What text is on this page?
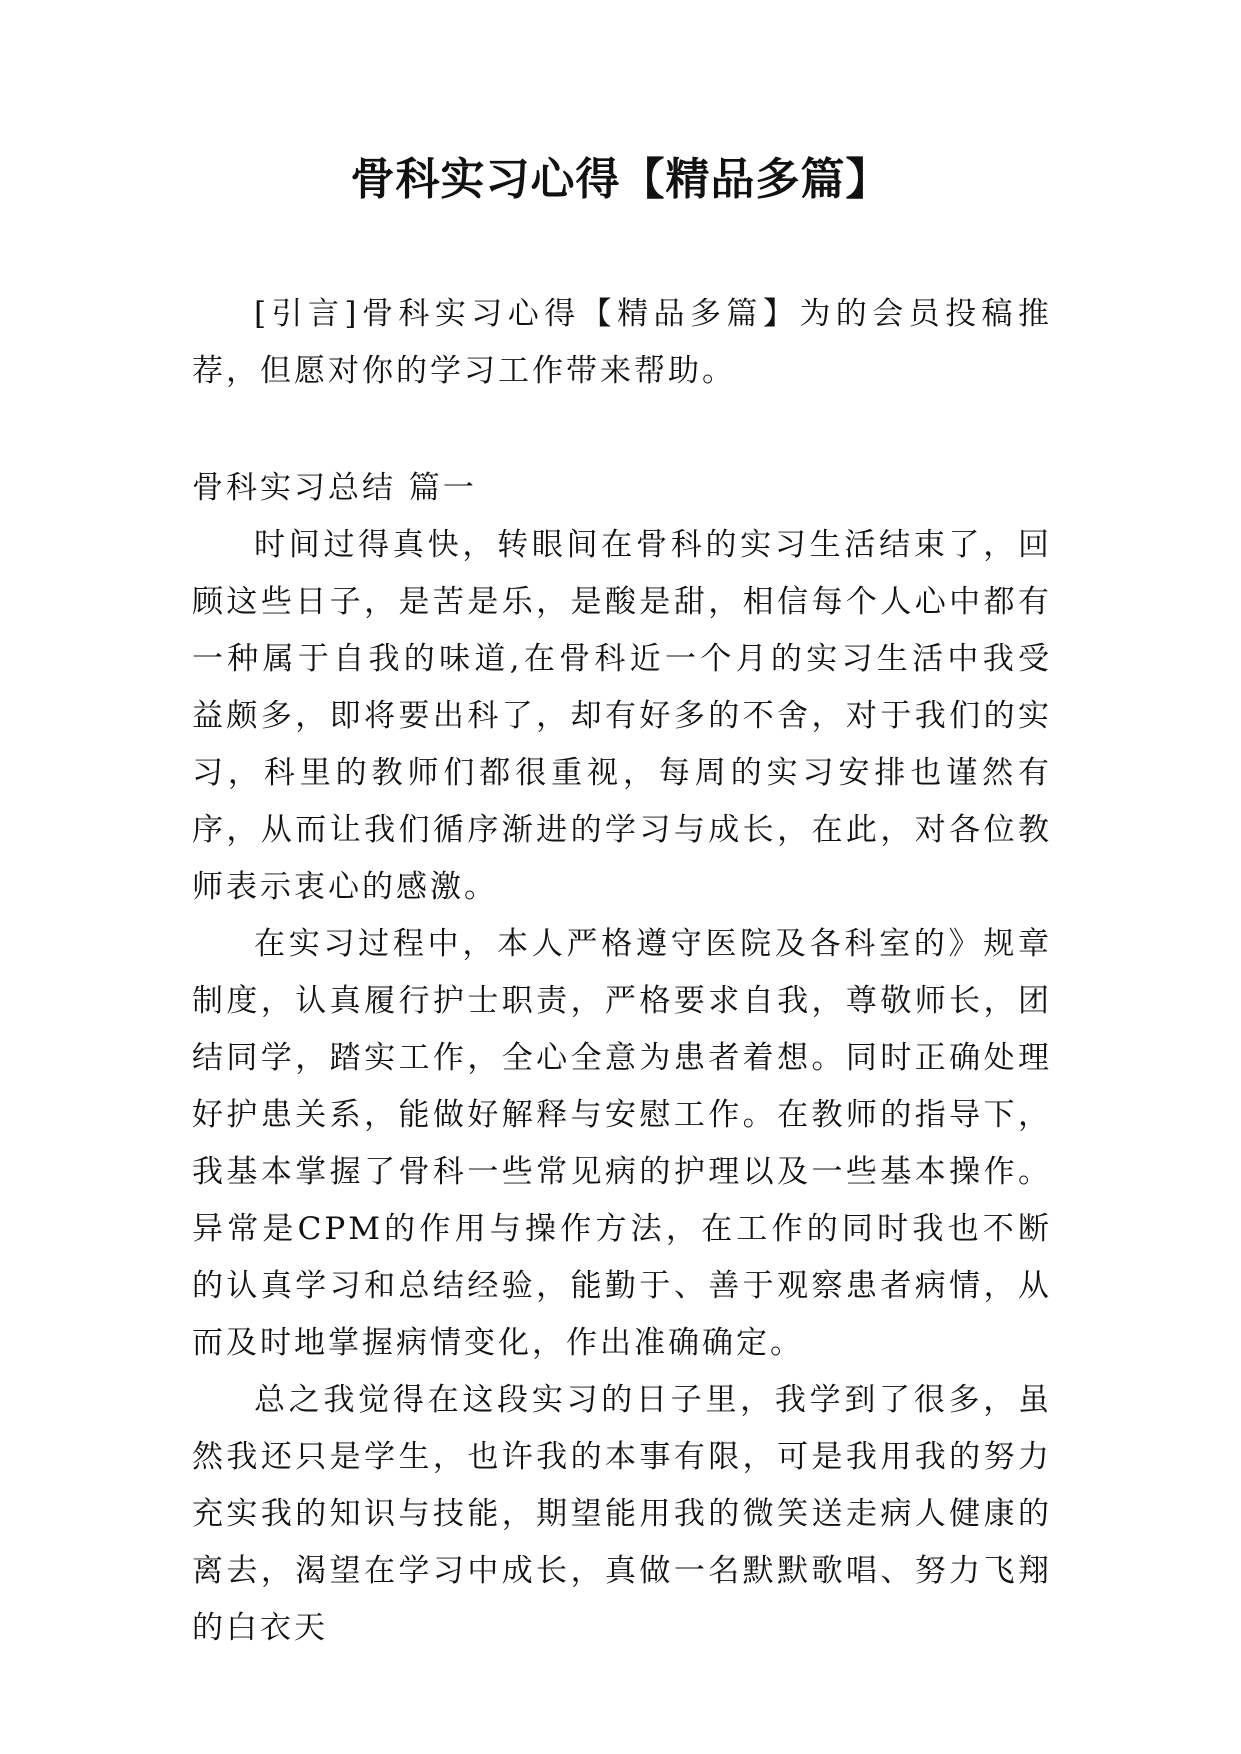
骨科实习心得【精品多篇】

[引言]骨科实习心得【精品多篇】为的会员投稿推荐，但愿对你的学习工作带来帮助。

骨科实习总结 篇一

时间过得真快，转眼间在骨科的实习生活结束了，回顾这些日子，是苦是乐，是酸是甜，相信每个人心中都有一种属于自我的味道,在骨科近一个月的实习生活中我受益颇多，即将要出科了，却有好多的不舍，对于我们的实习，科里的教师们都很重视，每周的实习安排也谨然有序，从而让我们循序渐进的学习与成长，在此，对各位教师表示衷心的感激。

在实习过程中，本人严格遵守医院及各科室的》规章制度，认真履行护士职责，严格要求自我，尊敬师长，团结同学，踏实工作，全心全意为患者着想。同时正确处理好护患关系，能做好解释与安慰工作。在教师的指导下，我基本掌握了骨科一些常见病的护理以及一些基本操作。异常是CPM的作用与操作方法，在工作的同时我也不断的认真学习和总结经验，能勤于、善于观察患者病情，从而及时地掌握病情变化，作出准确确定。

总之我觉得在这段实习的日子里，我学到了很多，虽然我还只是学生，也许我的本事有限，可是我用我的努力充实我的知识与技能，期望能用我的微笑送走病人健康的离去，渴望在学习中成长，真做一名默默歌唱、努力飞翔的白衣天
